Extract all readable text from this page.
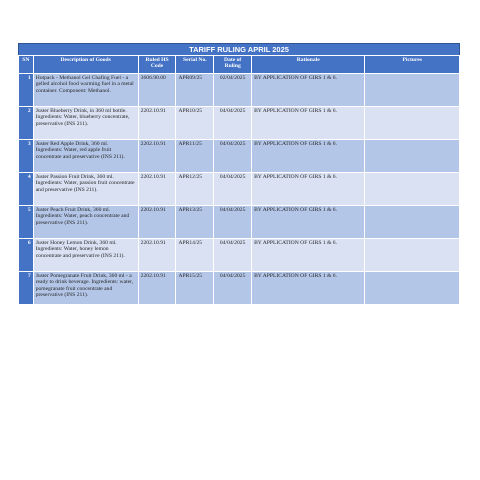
TARIFF RULING APRIL 2025
SN	Description of Goods	Ruled HS Code	Serial No.	Date of Ruling	Rationale	Pictures
1	Hotpack - Methanol Gel Chafing Fuel - a gelled alcohol food warming fuel in a metal container. Component: Methanol.	3606.90.00	APR09/25	02/04/2025	BY APPLICATION OF GIRS 1 & 6.	
2	Juster Blueberry Drink, in 360 ml bottle. Ingredients: Water, blueberry concentrate, preservative (INS 211).	2202.10.91	APR10/25	04/04/2025	BY APPLICATION OF GIRS 1 & 6.	
3	Juster Red Apple Drink, 360 ml. Ingredients: Water, red apple fruit concentrate and preservative (INS 211).	2202.10.91	APR11/25	04/04/2025	BY APPLICATION OF GIRS 1 & 6.	
4	Juster Passion Fruit Drink, 360 ml. Ingredients: Water, passion fruit concentrate and preservative (INS 211).	2202.10.91	APR12/25	04/04/2025	BY APPLICATION OF GIRS 1 & 6.	
5	Juster Peach Fruit Drink, 360 ml. Ingredients: Water, peach concentrate and preservative (INS 211).	2202.10.91	APR13/25	04/04/2025	BY APPLICATION OF GIRS 1 & 6.	
6	Juster Honey Lemon Drink, 360 ml. Ingredients: Water, honey lemon concentrate and preservative (INS 211).	2202.10.91	APR14/25	04/04/2025	BY APPLICATION OF GIRS 1 & 6.	
7	Juster Pomegranate Fruit Drink, 360 ml - a ready to drink beverage. Ingredients: water, pomegranate fruit concentrate and preservative (INS 211).	2202.10.91	APR15/25	04/04/2025	BY APPLICATION OF GIRS 1 & 6.	
